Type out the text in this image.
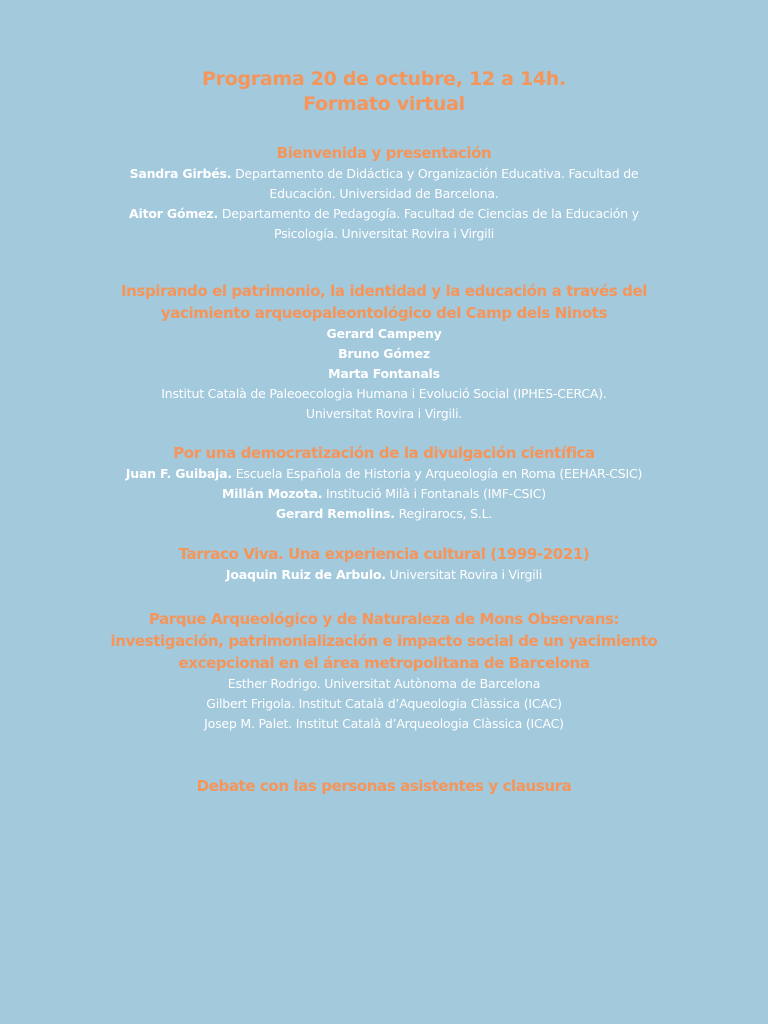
Programa 20 de octubre, 12 a 14h.
Formato virtual

Bienvenida y presentación

Sandra Girbés. Departamento de Didáctica y Organización Educativa. Facultad de

Educación. Universidad de Barcelona.

Aitor Gómez. Departamento de Pedagogía. Facultad de Ciencias de la Educación y

Psicología. Universitat Rovira i Virgili

Inspirando el patrimonio, la identidad y la educación a través del

yacimiento arqueopaleontológico del Camp dels Ninots

Gerard Campeny

Bruno Gómez

Marta Fontanals

Institut Català de Paleoecologia Humana i Evolució Social (IPHES-CERCA).

Universitat Rovira i Virgili.

Por una democratización de la divulgación científica

Juan F. Guibaja. Escuela Española de Historia y Arqueología en Roma (EEHAR-CSIC)

Millán Mozota. Institució Milà i Fontanals (IMF-CSIC)

Gerard Remolins. Regirarocs, S.L.

Tarraco Viva. Una experiencia cultural (1999-2021)

Joaquin Ruiz de Arbulo. Universitat Rovira i Virgili

Parque Arqueológico y de Naturaleza de Mons Observans:

investigación, patrimonialización e impacto social de un yacimiento

excepcional en el área metropolitana de Barcelona

Esther Rodrigo. Universitat Autònoma de Barcelona

Gilbert Frigola. Institut Català d’Aqueologia Clàssica (ICAC)

Josep M. Palet. Institut Català d’Arqueologia Clàssica (ICAC)

Debate con las personas asistentes y clausura
